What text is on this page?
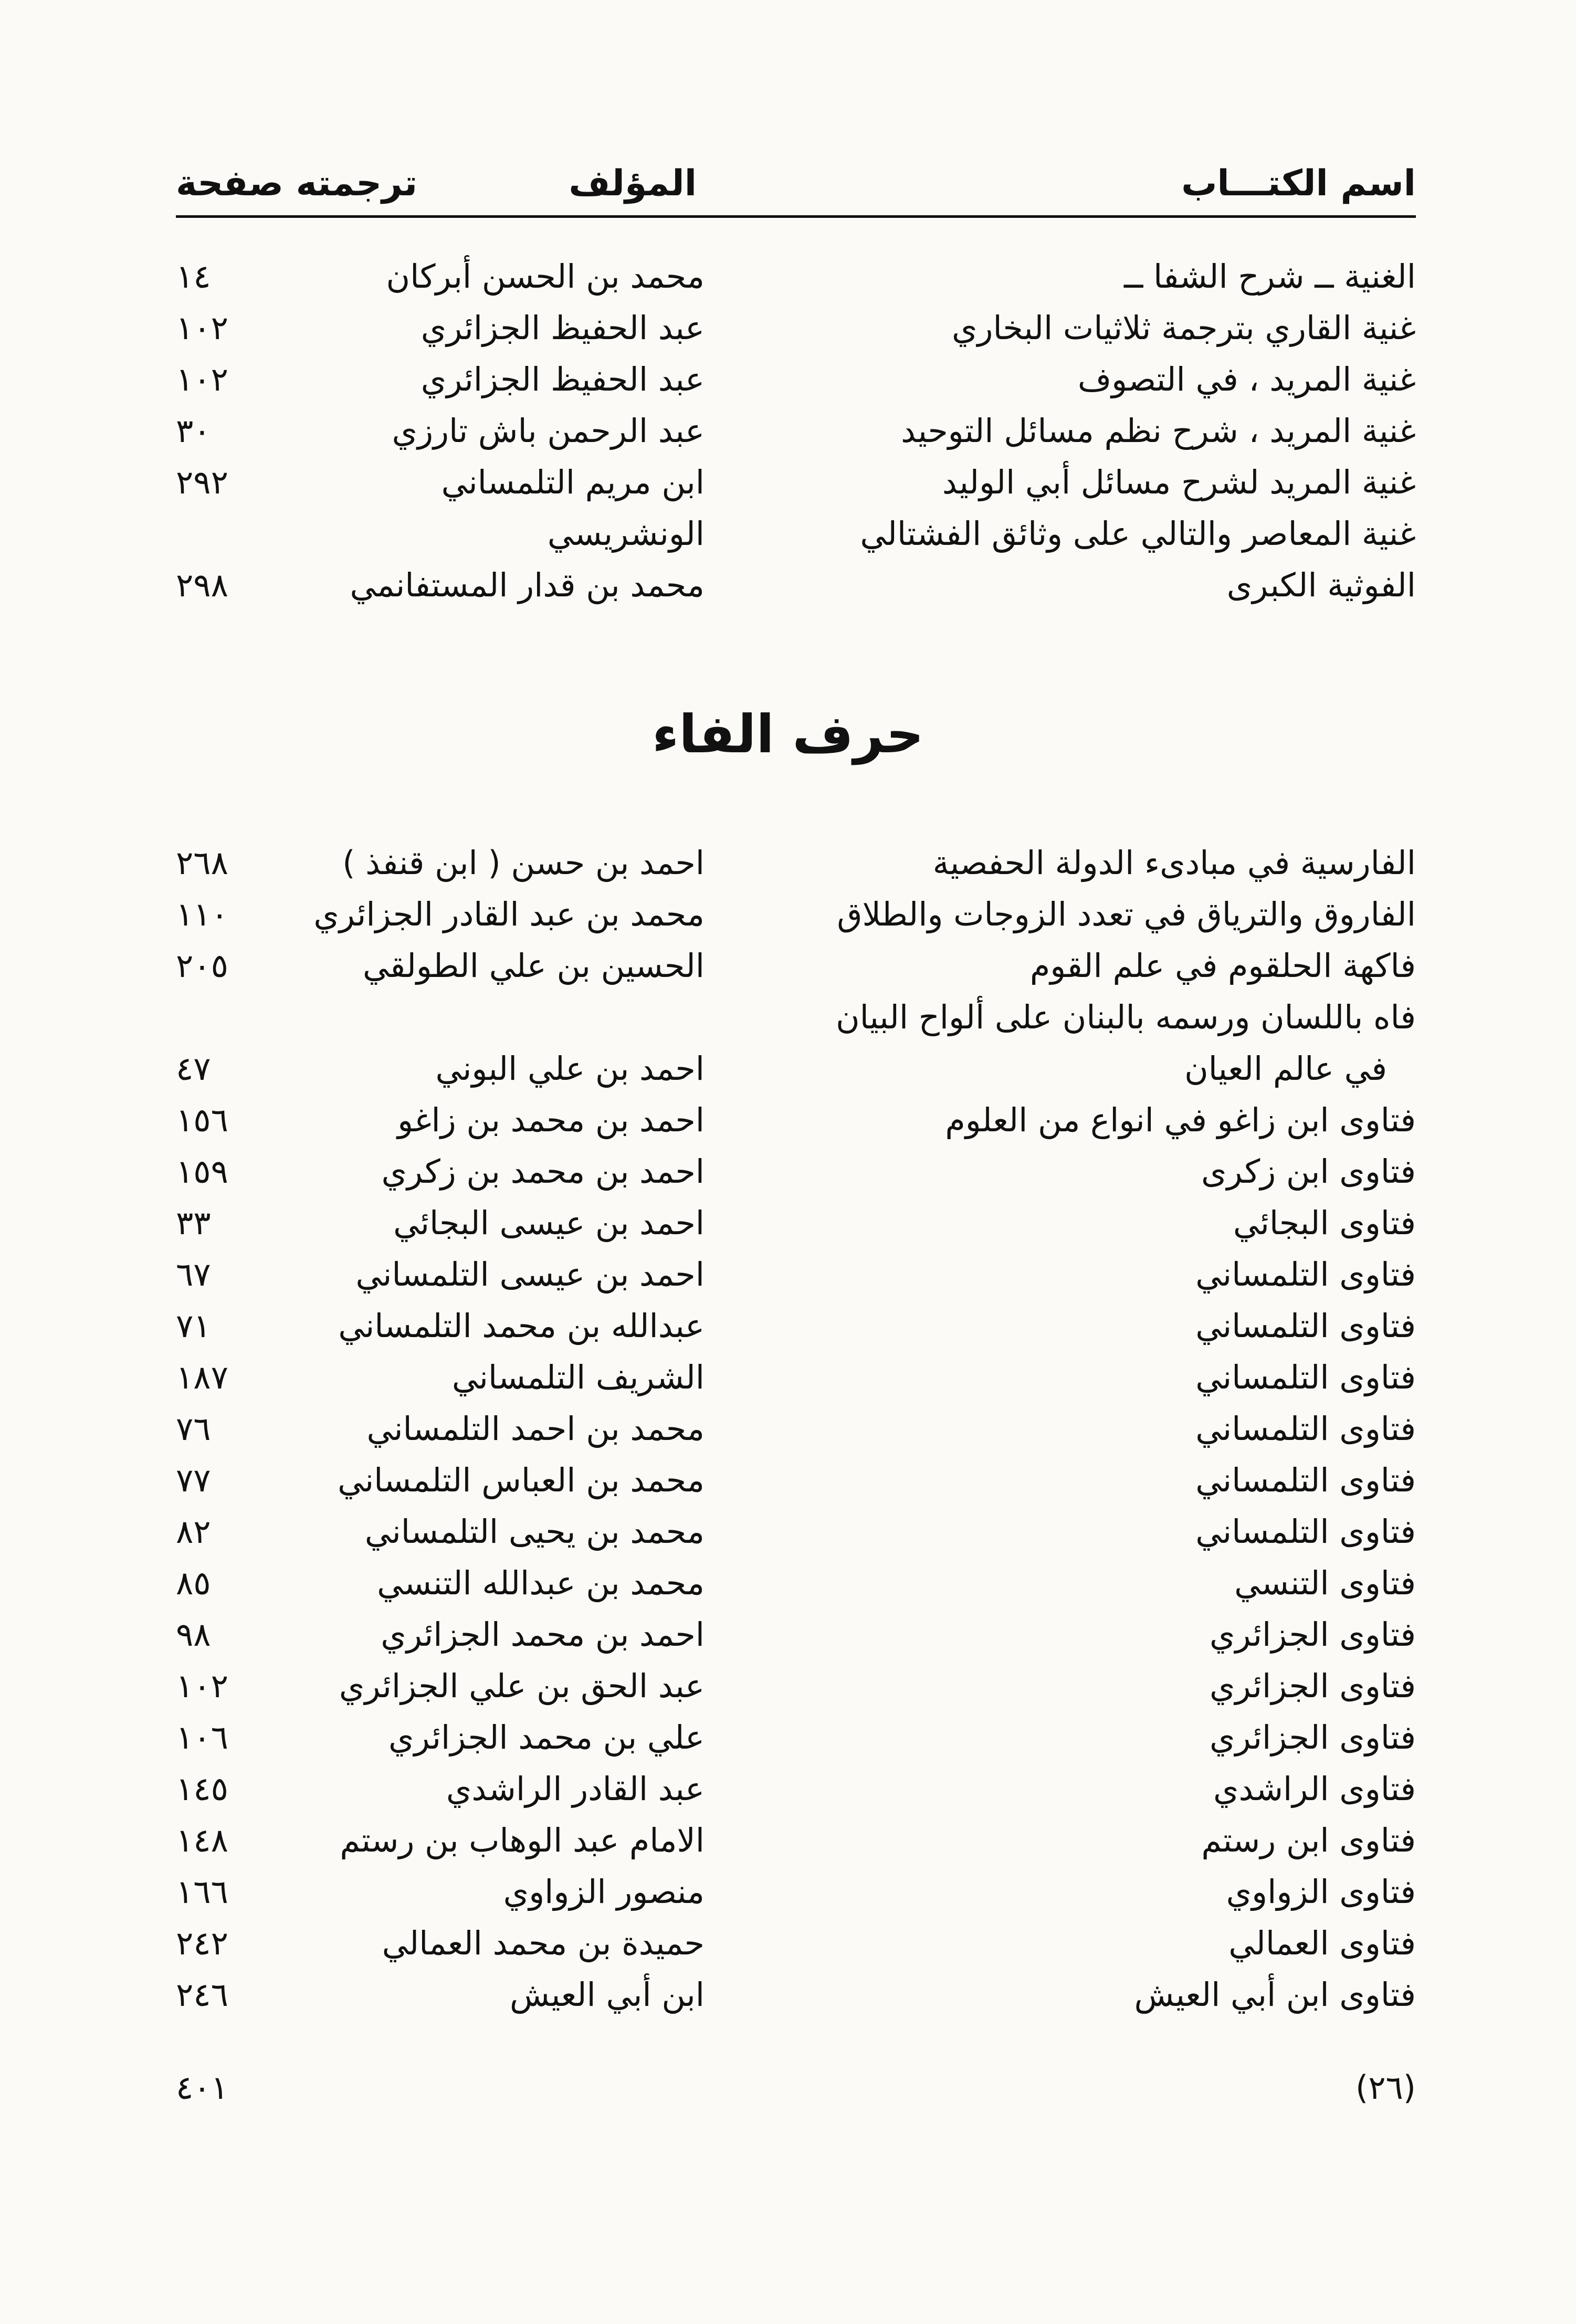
اسم الكتـــاب
المؤلف
ترجمته صفحة
الغنية ــ شرح الشفا ــ
محمد بن الحسن أبركان
١٤
غنية القاري بترجمة ثلاثيات البخاري
عبد الحفيظ الجزائري
١٠٢
غنية المريد ، في التصوف
عبد الحفيظ الجزائري
١٠٢
غنية المريد ، شرح نظم مسائل التوحيد
عبد الرحمن باش تارزي
٣٠
غنية المريد لشرح مسائل أبي الوليد
ابن مريم التلمساني
٢٩٢
غنية المعاصر والتالي على وثائق الفشتالي
الونشريسي
الفوثية الكبرى
محمد بن قدار المستفانمي
٢٩٨
حرف الفاء
الفارسية في مبادىء الدولة الحفصية
احمد بن حسن ( ابن قنفذ )
٢٦٨
الفاروق والترياق في تعدد الزوجات والطلاق
محمد بن عبد القادر الجزائري
١١٠
فاكهة الحلقوم في علم القوم
الحسين بن علي الطولقي
٢٠٥
فاه باللسان ورسمه بالبنان على ألواح البيان
في عالم العيان
احمد بن علي البوني
٤٧
فتاوى ابن زاغو في انواع من العلوم
احمد بن محمد بن زاغو
١٥٦
فتاوى ابن زكرى
احمد بن محمد بن زكري
١٥٩
فتاوى البجائي
احمد بن عيسى البجائي
٣٣
فتاوى التلمساني
احمد بن عيسى التلمساني
٦٧
فتاوى التلمساني
عبدالله بن محمد التلمساني
٧١
فتاوى التلمساني
الشريف التلمساني
١٨٧
فتاوى التلمساني
محمد بن احمد التلمساني
٧٦
فتاوى التلمساني
محمد بن العباس التلمساني
٧٧
فتاوى التلمساني
محمد بن يحيى التلمساني
٨٢
فتاوى التنسي
محمد بن عبدالله التنسي
٨٥
فتاوى الجزائري
احمد بن محمد الجزائري
٩٨
فتاوى الجزائري
عبد الحق بن علي الجزائري
١٠٢
فتاوى الجزائري
علي بن محمد الجزائري
١٠٦
فتاوى الراشدي
عبد القادر الراشدي
١٤٥
فتاوى ابن رستم
الامام عبد الوهاب بن رستم
١٤٨
فتاوى الزواوي
منصور الزواوي
١٦٦
فتاوى العمالي
حميدة بن محمد العمالي
٢٤٢
فتاوى ابن أبي العيش
ابن أبي العيش
٢٤٦
٤٠١	(٢٦)
